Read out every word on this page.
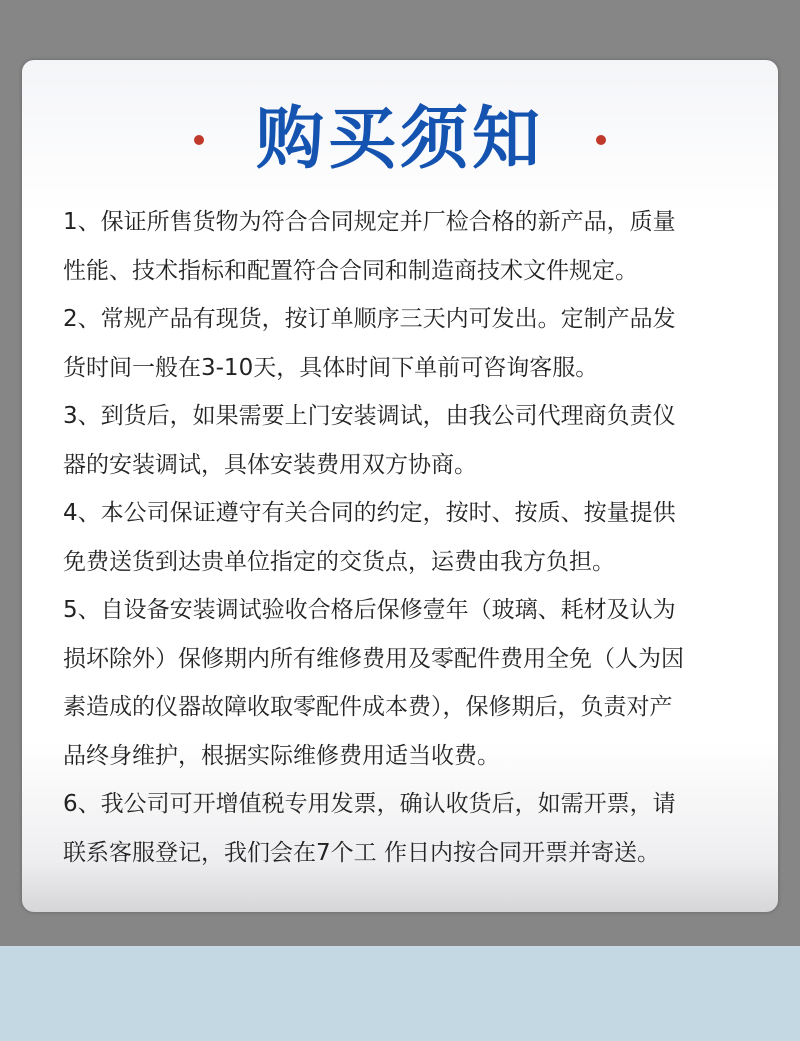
购买须知
1、保证所售货物为符合合同规定并厂检合格的新产品，质量
性能、技术指标和配置符合合同和制造商技术文件规定。
2、常规产品有现货，按订单顺序三天内可发出。定制产品发
货时间一般在3-10天，具体时间下单前可咨询客服。
3、到货后，如果需要上门安装调试，由我公司代理商负责仪
器的安装调试，具体安装费用双方协商。
4、本公司保证遵守有关合同的约定，按时、按质、按量提供
免费送货到达贵单位指定的交货点，运费由我方负担。
5、自设备安装调试验收合格后保修壹年（玻璃、耗材及认为
损坏除外）保修期内所有维修费用及零配件费用全免（人为因
素造成的仪器故障收取零配件成本费），保修期后，负责对产
品终身维护，根据实际维修费用适当收费。
6、我公司可开增值税专用发票，确认收货后，如需开票，请
联系客服登记，我们会在7个工 作日内按合同开票并寄送。
